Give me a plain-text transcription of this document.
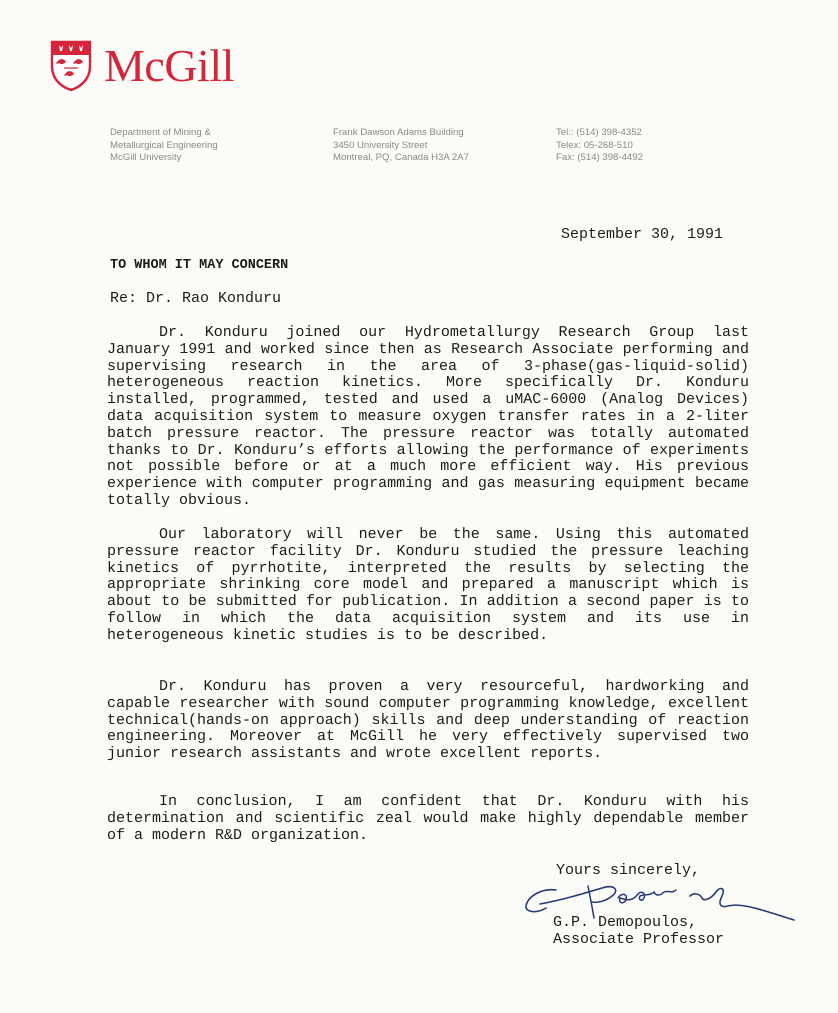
McGill
Department of Mining &
Metallurgical Engineering
McGill University
Frank Dawson Adams Building
3450 University Street
Montreal, PQ, Canada H3A 2A7
Tel.: (514) 398-4352
Telex: 05-268-510
Fax: (514) 398-4492
September 30, 1991
TO WHOM IT MAY CONCERN
Re: Dr. Rao Konduru
Dr. Konduru joined our Hydrometallurgy Research Group last January 1991 and worked since then as Research Associate performing and supervising research in the area of 3-phase(gas-liquid-solid) heterogeneous reaction kinetics. More specifically Dr. Konduru installed, programmed, tested and used a uMAC-6000 (Analog Devices) data acquisition system to measure oxygen transfer rates in a 2-liter batch pressure reactor. The pressure reactor was totally automated thanks to Dr. Konduru’s efforts allowing the performance of experiments not possible before or at a much more efficient way. His previous experience with computer programming and gas measuring equipment became totally obvious.
Our laboratory will never be the same. Using this automated pressure reactor facility Dr. Konduru studied the pressure leaching kinetics of pyrrhotite, interpreted the results by selecting the appropriate shrinking core model and prepared a manuscript which is about to be submitted for publication. In addition a second paper is to follow in which the data acquisition system and its use in heterogeneous kinetic studies is to be described.
Dr. Konduru has proven a very resourceful, hardworking and capable researcher with sound computer programming knowledge, excellent technical(hands-on approach) skills and deep understanding of reaction engineering. Moreover at McGill he very effectively supervised two junior research assistants and wrote excellent reports.
In conclusion, I am confident that Dr. Konduru with his determination and scientific zeal would make highly dependable member of a modern R&D organization.
Yours sincerely,
G.P. Demopoulos,
Associate Professor
